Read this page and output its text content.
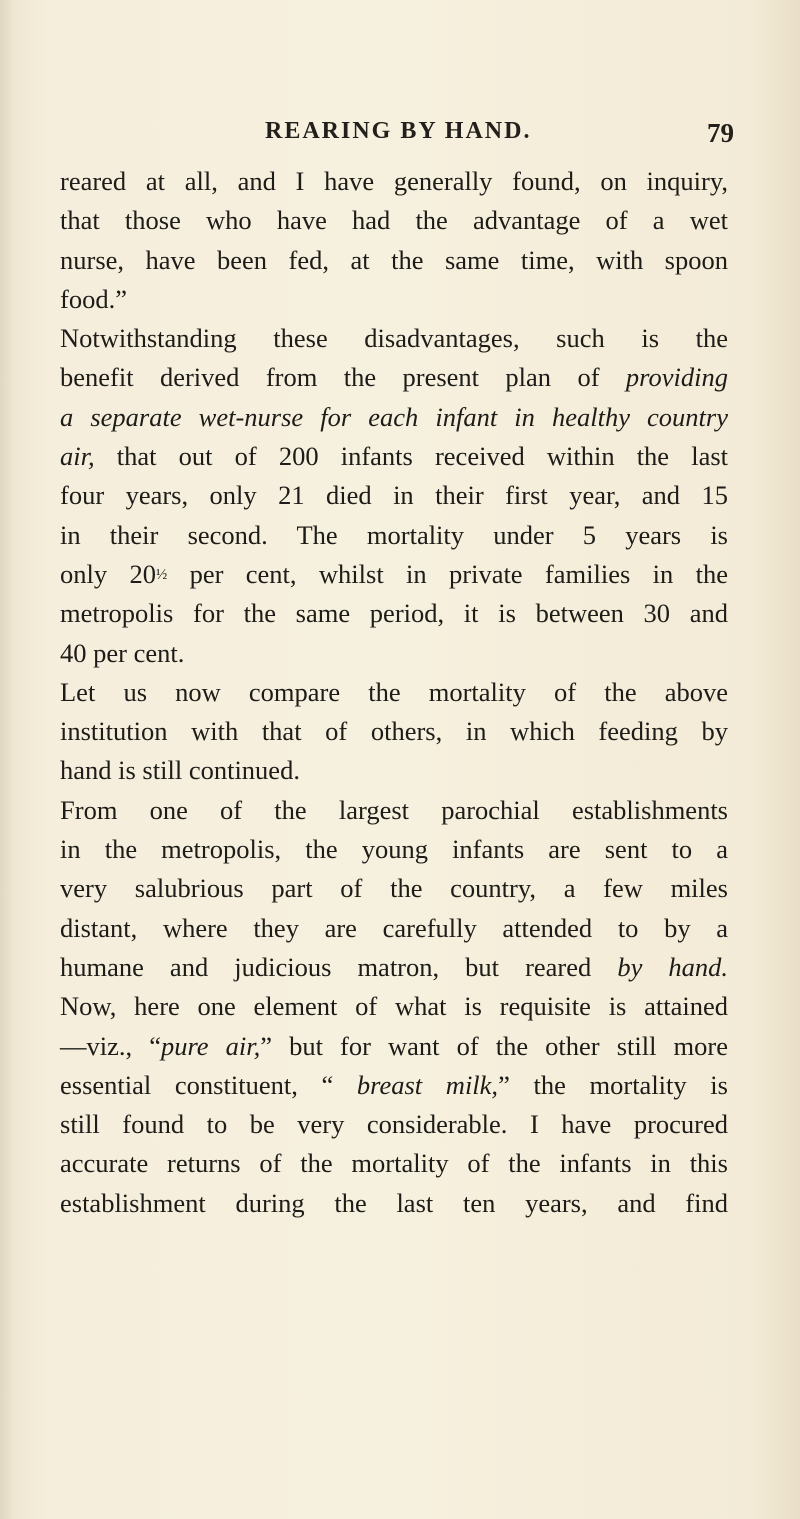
REARING BY HAND.	79
reared at all, and I have generally found, on inquiry,
that those who have had the advantage of a wet
nurse, have been fed, at the same time, with spoon
food.”
Notwithstanding these disadvantages, such is the
benefit derived from the present plan of providing
a separate wet-nurse for each infant in healthy country
air, that out of 200 infants received within the last
four years, only 21 died in their first year, and 15
in their second. The mortality under 5 years is
only 20½ per cent, whilst in private families in the
metropolis for the same period, it is between 30 and
40 per cent.
Let us now compare the mortality of the above
institution with that of others, in which feeding by
hand is still continued.
From one of the largest parochial establishments
in the metropolis, the young infants are sent to a
very salubrious part of the country, a few miles
distant, where they are carefully attended to by a
humane and judicious matron, but reared by hand.
Now, here one element of what is requisite is attained
—viz., “pure air,” but for want of the other still more
essential constituent, “ breast milk,” the mortality is
still found to be very considerable. I have procured
accurate returns of the mortality of the infants in this
establishment during the last ten years, and find
